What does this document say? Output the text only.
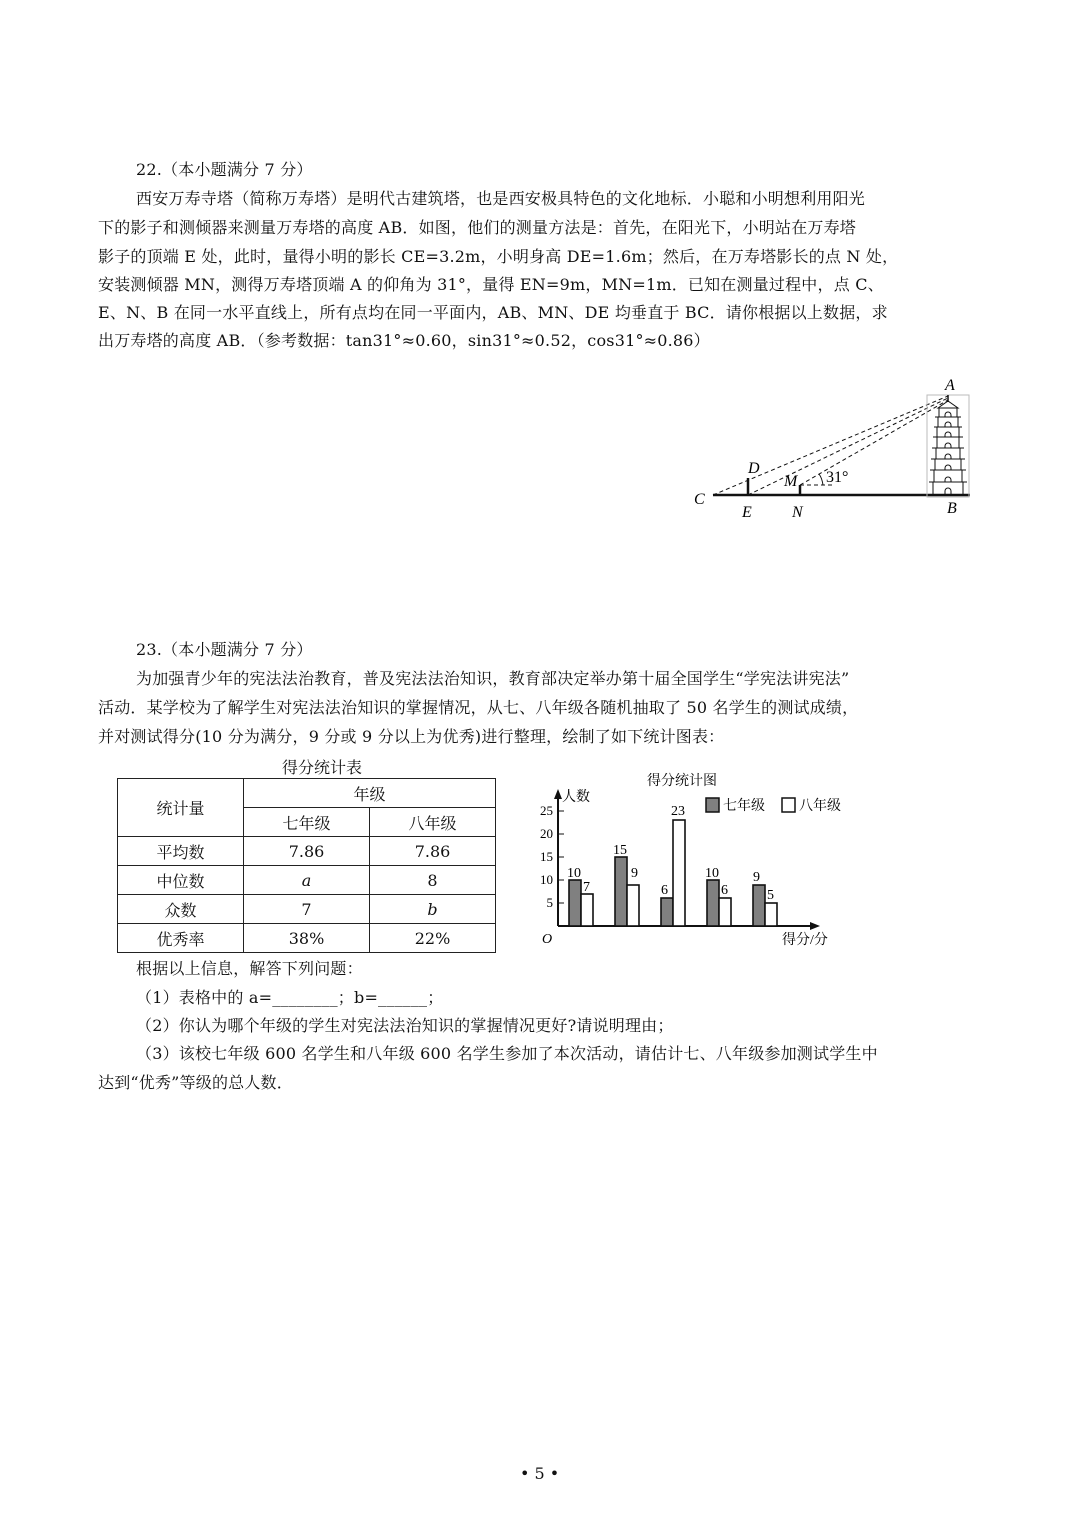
22.（本小题满分 7 分）
西安万寿寺塔（简称万寿塔）是明代古建筑塔，也是西安极具特色的文化地标．小聪和小明想利用阳光
下的影子和测倾器来测量万寿塔的高度 AB．如图，他们的测量方法是：首先，在阳光下，小明站在万寿塔
影子的顶端 E 处，此时，量得小明的影长 CE=3.2m，小明身高 DE=1.6m；然后，在万寿塔影长的点 N 处，
安装测倾器 MN，测得万寿塔顶端 A 的仰角为 31°，量得 EN=9m，MN=1m．已知在测量过程中，点 C、
E、N、B 在同一水平直线上，所有点均在同一平面内，AB、MN、DE 均垂直于 BC．请你根据以上数据，求
出万寿塔的高度 AB．（参考数据：tan31°≈0.60，sin31°≈0.52，cos31°≈0.86）
A
B
C
D
E
M
N
31°
23.（本小题满分 7 分）
为加强青少年的宪法法治教育，普及宪法法治知识，教育部决定举办第十届全国学生“学宪法讲宪法”
活动．某学校为了解学生对宪法法治知识的掌握情况，从七、八年级各随机抽取了 50 名学生的测试成绩，
并对测试得分(10 分为满分，9 分或 9 分以上为优秀)进行整理，绘制了如下统计图表：
得分统计表
统计量	年级	
	七年级	八年级
平均数	7.86	7.86
中位数	a	8
众数	7	b
优秀率	38%	22%
得分统计图
人数
O	得分/分
5
10
15
20
25	七年级 八年级
10
7
15
9
6
23
10
6
9
5
根据以上信息，解答下列问题：
（1）表格中的 a=________；b=______；
（2）你认为哪个年级的学生对宪法法治知识的掌握情况更好?请说明理由；
（3）该校七年级 600 名学生和八年级 600 名学生参加了本次活动，请估计七、八年级参加测试学生中
达到“优秀”等级的总人数．
• 5 •
